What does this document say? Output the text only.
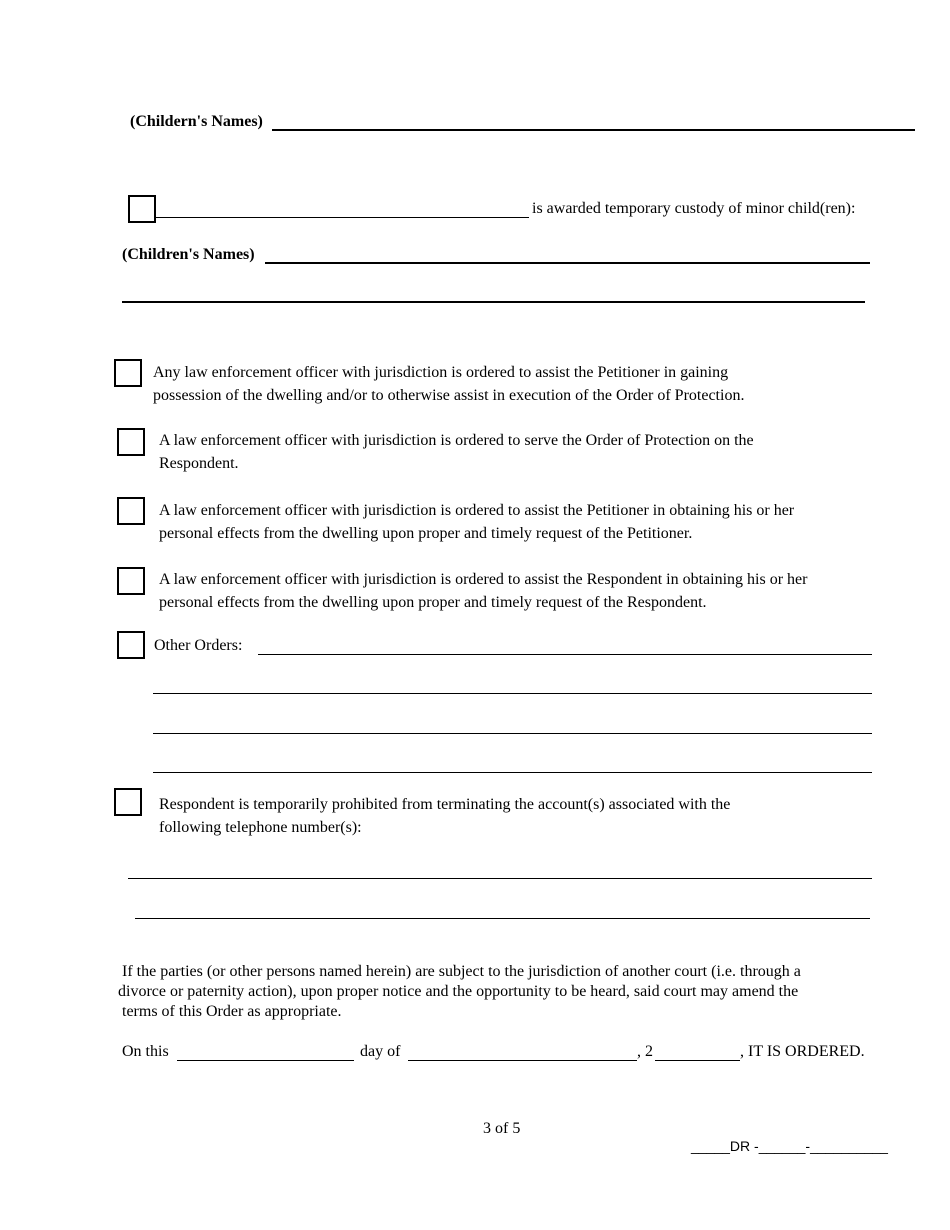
(Childern's Names)
is awarded temporary custody of minor child(ren):
(Children's Names)
Any law enforcement officer with jurisdiction is ordered to assist the Petitioner in gaining
possession of the dwelling and/or to otherwise assist in execution of the Order of Protection.
A law enforcement officer with jurisdiction is ordered to serve the Order of Protection on the
Respondent.
A law enforcement officer with jurisdiction is ordered to assist the Petitioner in obtaining his or her
personal effects from the dwelling upon proper and timely request of the Petitioner.
A law enforcement officer with jurisdiction is ordered to assist the Respondent in obtaining his or her
personal effects from the dwelling upon proper and timely request of the Respondent.
Other Orders:
Respondent is temporarily prohibited from terminating the account(s) associated with the
following telephone number(s):
If the parties (or other persons named herein) are subject to the jurisdiction of another court (i.e. through a
divorce or paternity action), upon proper notice and the opportunity to be heard, said court may amend the
terms of this Order as appropriate.
On this	day of	, 2	, IT IS ORDERED.
3 of 5
_____DR -______-__________
